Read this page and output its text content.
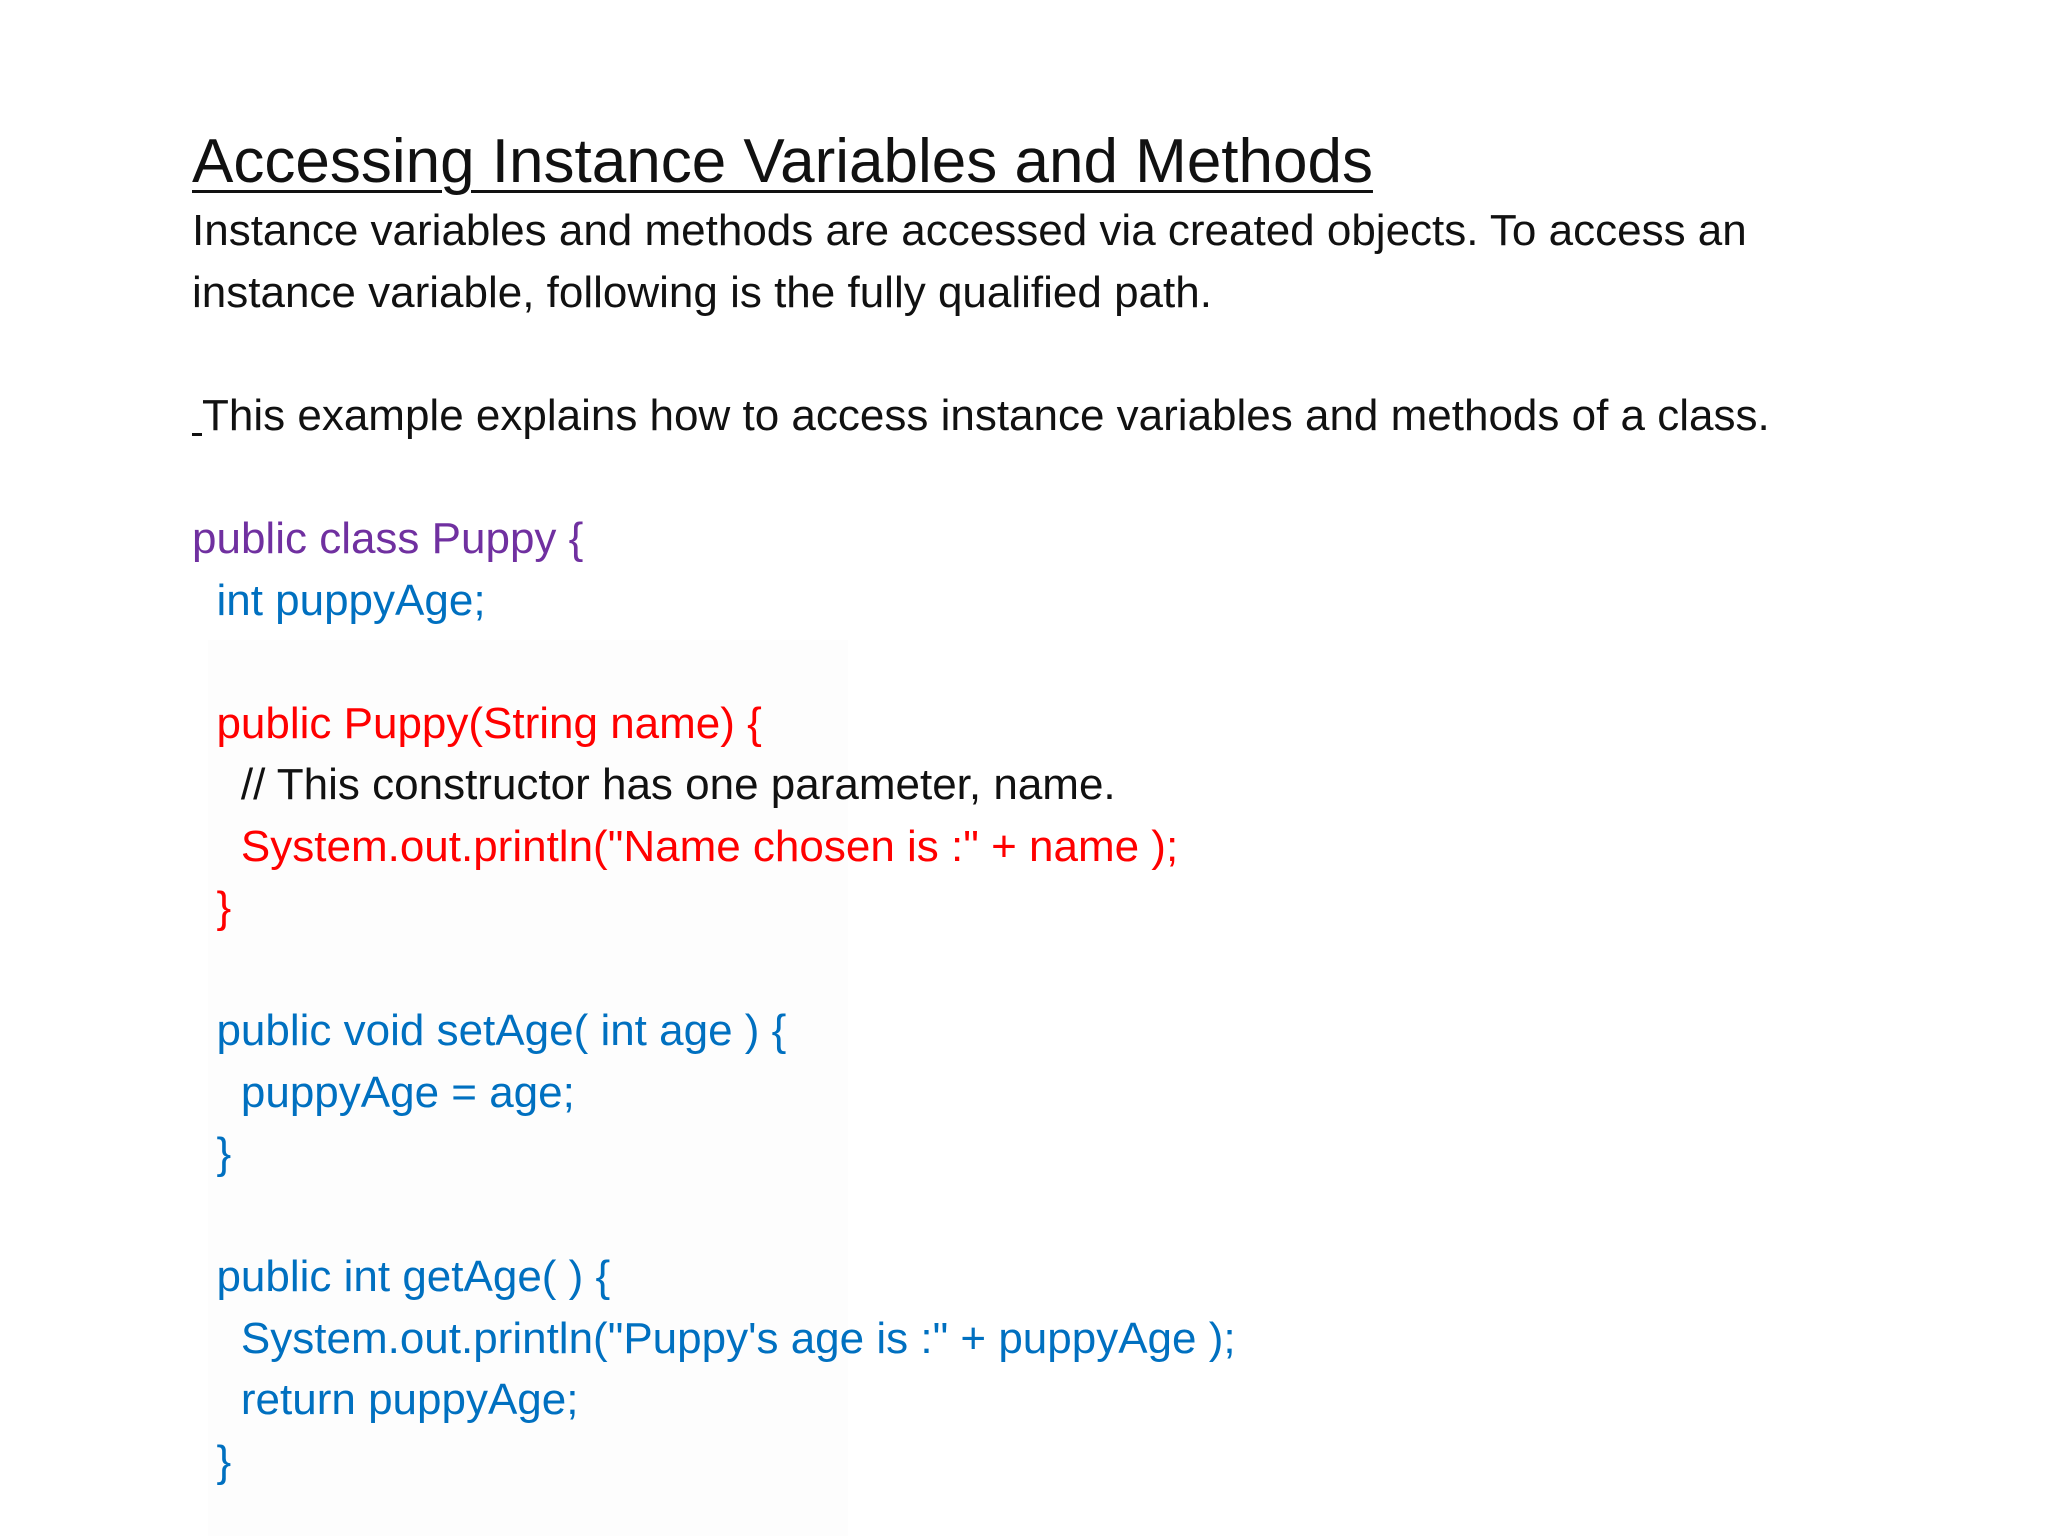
Accessing Instance Variables and Methods
Instance variables and methods are accessed via created objects. To access an
instance variable, following is the fully qualified path.
This example explains how to access instance variables and methods of a class.
public class Puppy {
int puppyAge;

public Puppy(String name) {
// This constructor has one parameter, name.
System.out.println("Name chosen is :" + name );
}

public void setAge( int age ) {
puppyAge = age;
}

public int getAge( ) {
System.out.println("Puppy's age is :" + puppyAge );
return puppyAge;
}
